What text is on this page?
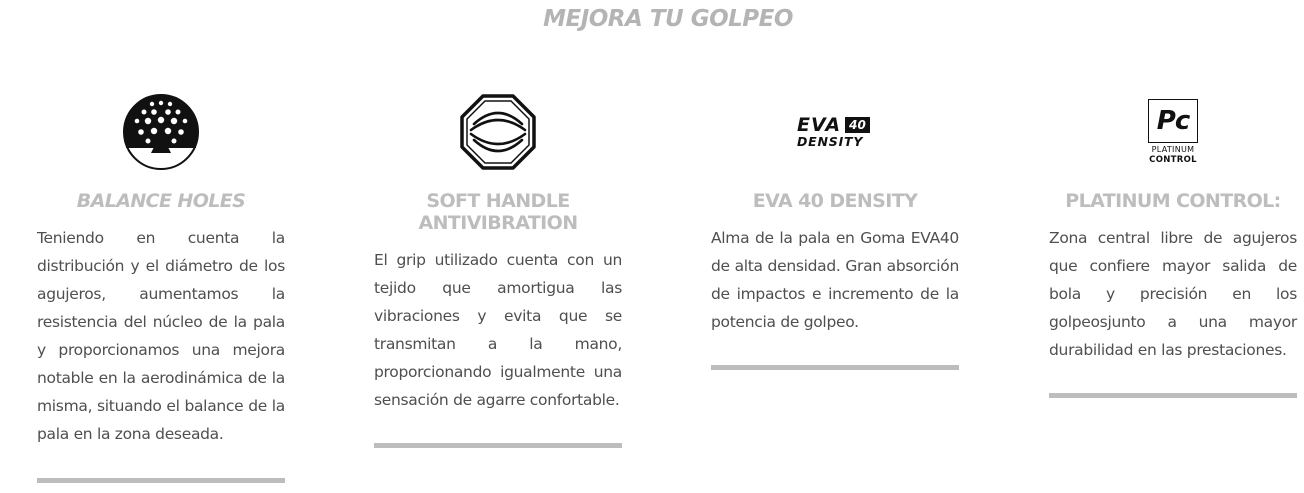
MEJORA TU GOLPEO
BALANCE HOLES

Teniendo en cuenta la distribución y el diámetro de los agujeros, aumentamos la resistencia del núcleo de la pala y proporcionamos una mejora notable en la aerodinámica de la misma, situando el balance de la pala en la zona deseada.

SOFT HANDLE
ANTIVIBRATION

El grip utilizado cuenta con un tejido que amortigua las vibraciones y evita que se transmitan a la mano, proporcionando igualmente una sensación de agarre confortable.

EVA 40
DENSITY
EVA 40 DENSITY

Alma de la pala en Goma EVA40 de alta densidad. Gran absorción de impactos e incremento de la potencia de golpeo.

Pc
PLATINUM
CONTROL
PLATINUM CONTROL:

Zona central libre de agujeros que confiere mayor salida de bola y precisión en los golpeosjunto a una mayor durabilidad en las prestaciones.
